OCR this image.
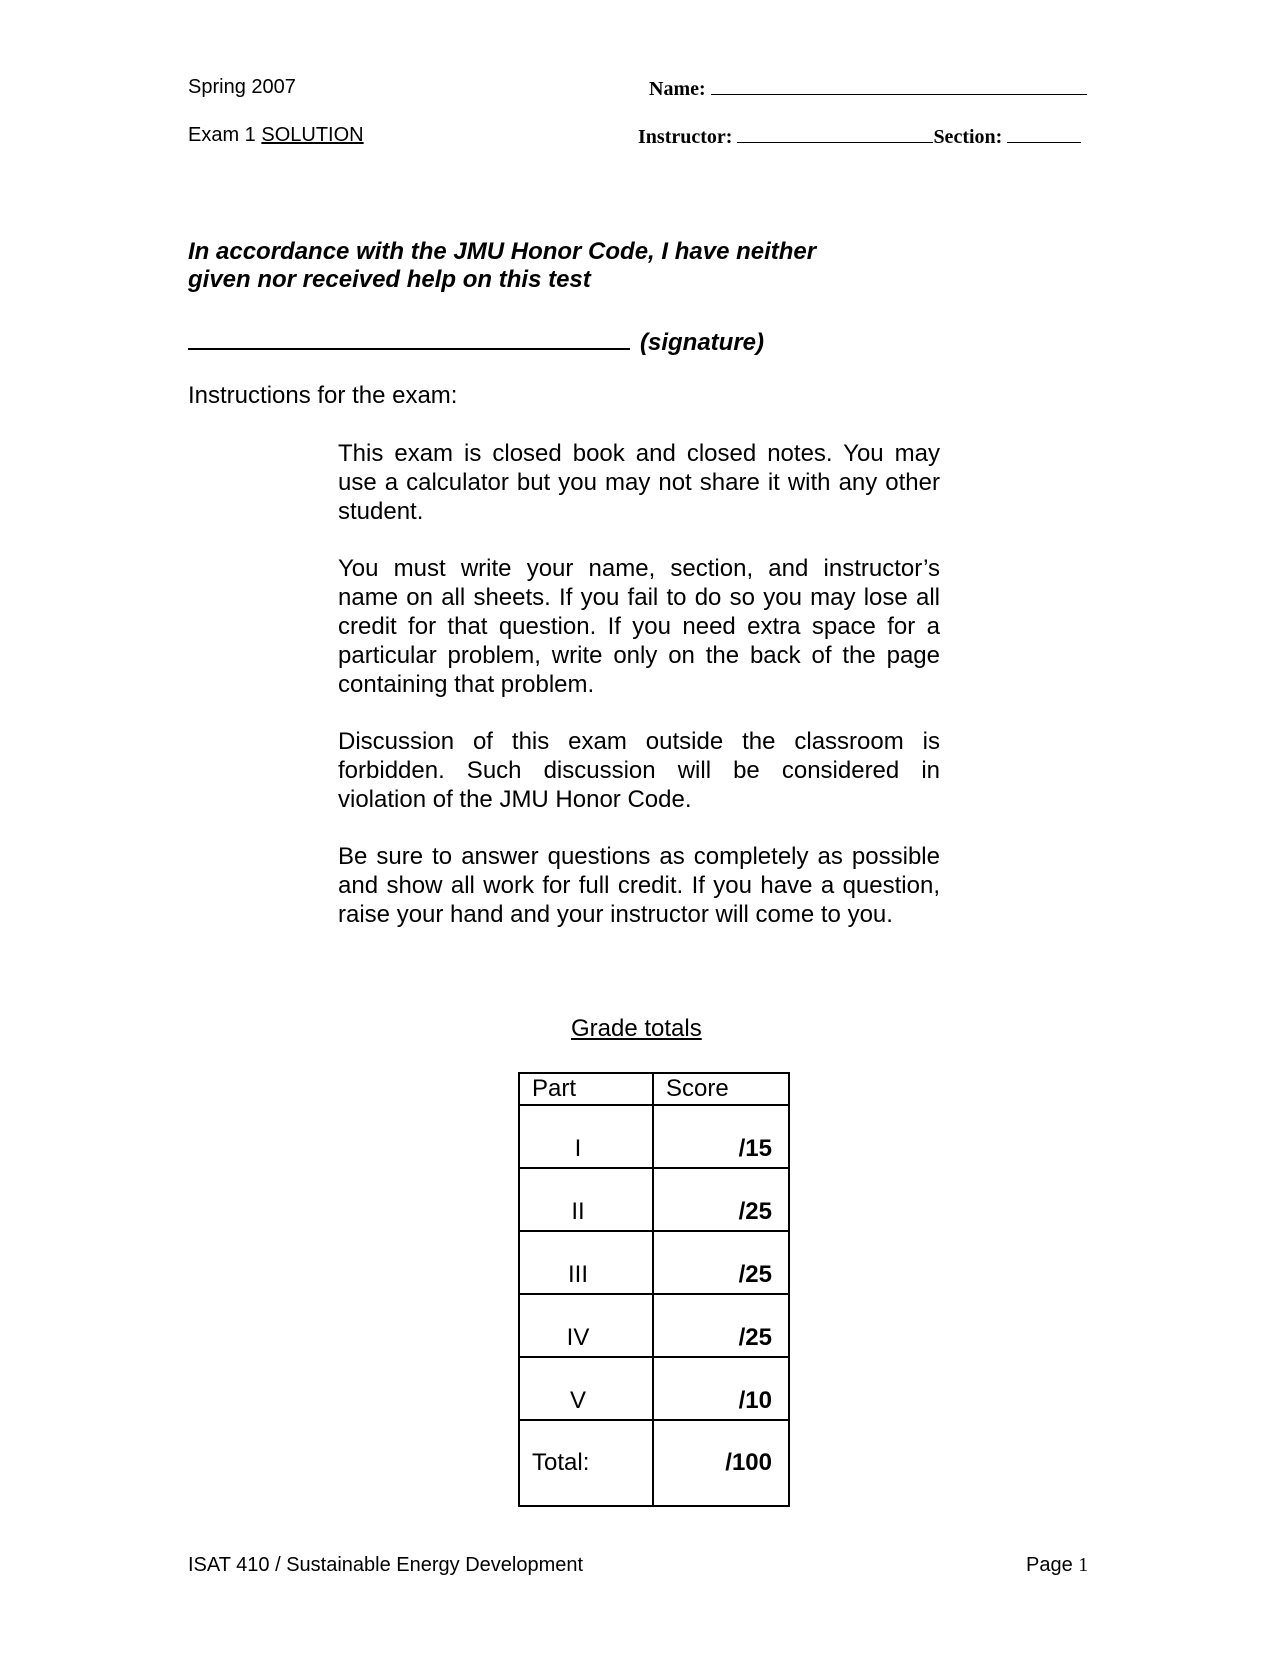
Spring 2007
Exam 1 SOLUTION
Name:
Instructor:	Section:
In accordance with the JMU Honor Code, I have neither
given nor received help on this test
(signature)
Instructions for the exam:
This exam is closed book and closed notes. You may use a calculator but you may not share it with any other student.
You must write your name, section, and instructor’s name on all sheets. If you fail to do so you may lose all credit for that question. If you need extra space for a particular problem, write only on the back of the page containing that problem.
Discussion of this exam outside the classroom is forbidden. Such discussion will be considered in violation of the JMU Honor Code.
Be sure to answer questions as completely as possible and show all work for full credit. If you have a question, raise your hand and your instructor will come to you.
Grade totals
Part	Score
I	/15
II	/25
III	/25
IV	/25
V	/10
Total:	/100
ISAT 410 / Sustainable Energy Development	Page 1
